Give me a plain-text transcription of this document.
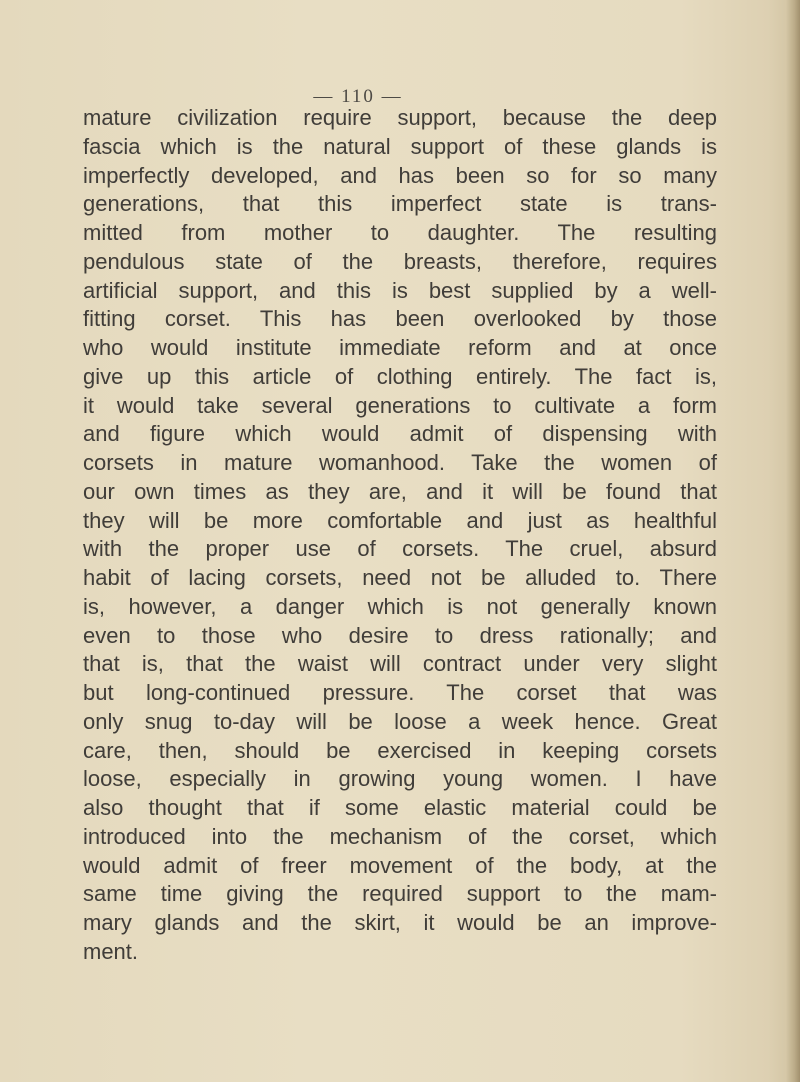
— 110 —
mature civilization require support, because the deep
fascia which is the natural support of these glands is
imperfectly developed, and has been so for so many
generations, that this imperfect state is trans-
mitted from mother to daughter. The resulting
pendulous state of the breasts, therefore, requires
artificial support, and this is best supplied by a well-
fitting corset. This has been overlooked by those
who would institute immediate reform and at once
give up this article of clothing entirely. The fact is,
it would take several generations to cultivate a form
and figure which would admit of dispensing with
corsets in mature womanhood. Take the women of
our own times as they are, and it will be found that
they will be more comfortable and just as healthful
with the proper use of corsets. The cruel, absurd
habit of lacing corsets, need not be alluded to. There
is, however, a danger which is not generally known
even to those who desire to dress rationally; and
that is, that the waist will contract under very slight
but long-continued pressure. The corset that was
only snug to-day will be loose a week hence. Great
care, then, should be exercised in keeping corsets
loose, especially in growing young women. I have
also thought that if some elastic material could be
introduced into the mechanism of the corset, which
would admit of freer movement of the body, at the
same time giving the required support to the mam-
mary glands and the skirt, it would be an improve-
ment.
